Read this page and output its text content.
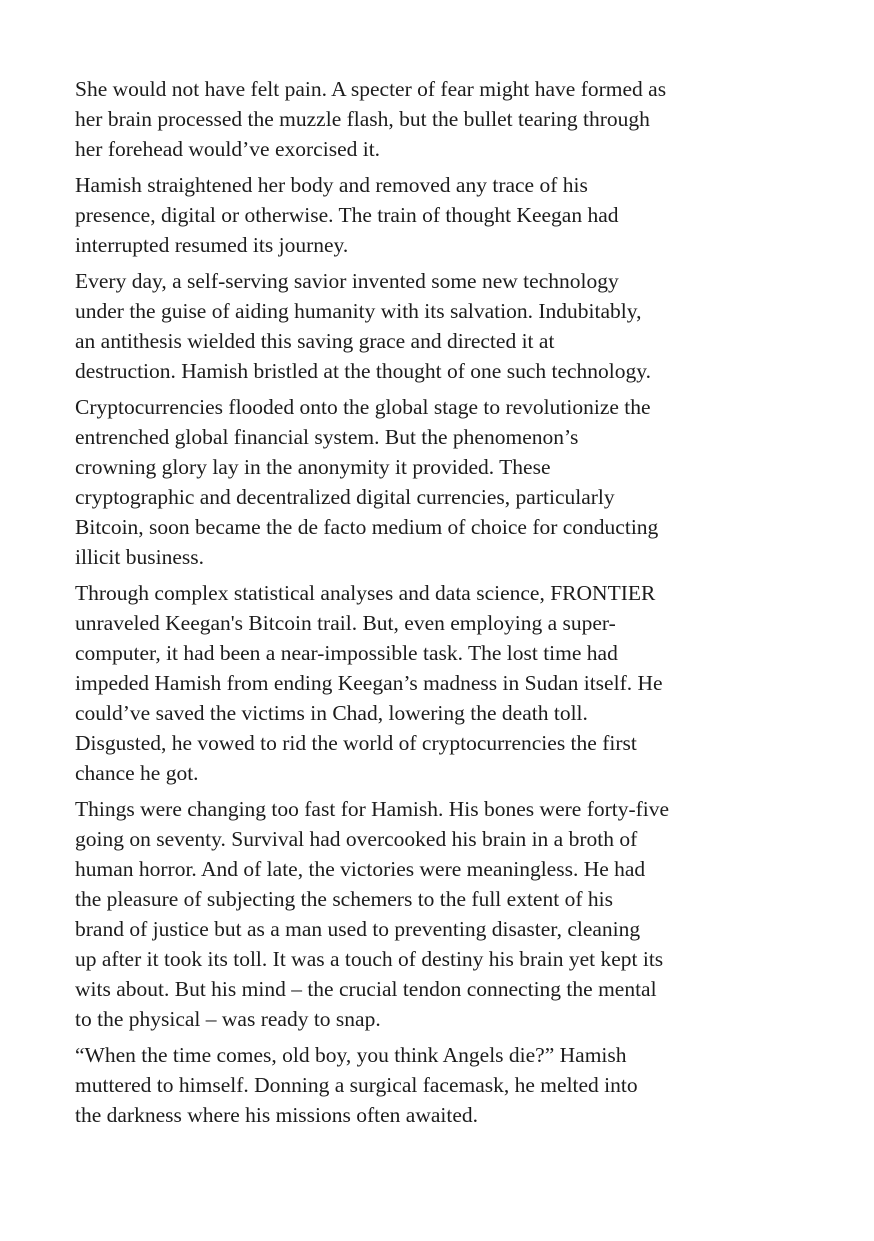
She would not have felt pain. A specter of fear might have formed as
her brain processed the muzzle flash, but the bullet tearing through
her forehead would’ve exorcised it.

Hamish straightened her body and removed any trace of his
presence, digital or otherwise. The train of thought Keegan had
interrupted resumed its journey.

Every day, a self-serving savior invented some new technology
under the guise of aiding humanity with its salvation. Indubitably,
an antithesis wielded this saving grace and directed it at
destruction. Hamish bristled at the thought of one such technology.

Cryptocurrencies flooded onto the global stage to revolutionize the
entrenched global financial system. But the phenomenon’s
crowning glory lay in the anonymity it provided. These
cryptographic and decentralized digital currencies, particularly
Bitcoin, soon became the de facto medium of choice for conducting
illicit business.

Through complex statistical analyses and data science, FRONTIER
unraveled Keegan's Bitcoin trail. But, even employing a super-
computer, it had been a near-impossible task. The lost time had
impeded Hamish from ending Keegan’s madness in Sudan itself. He
could’ve saved the victims in Chad, lowering the death toll.
Disgusted, he vowed to rid the world of cryptocurrencies the first
chance he got.

Things were changing too fast for Hamish. His bones were forty-five
going on seventy. Survival had overcooked his brain in a broth of
human horror. And of late, the victories were meaningless. He had
the pleasure of subjecting the schemers to the full extent of his
brand of justice but as a man used to preventing disaster, cleaning
up after it took its toll. It was a touch of destiny his brain yet kept its
wits about. But his mind – the crucial tendon connecting the mental
to the physical – was ready to snap.

“When the time comes, old boy, you think Angels die?” Hamish
muttered to himself. Donning a surgical facemask, he melted into
the darkness where his missions often awaited.
